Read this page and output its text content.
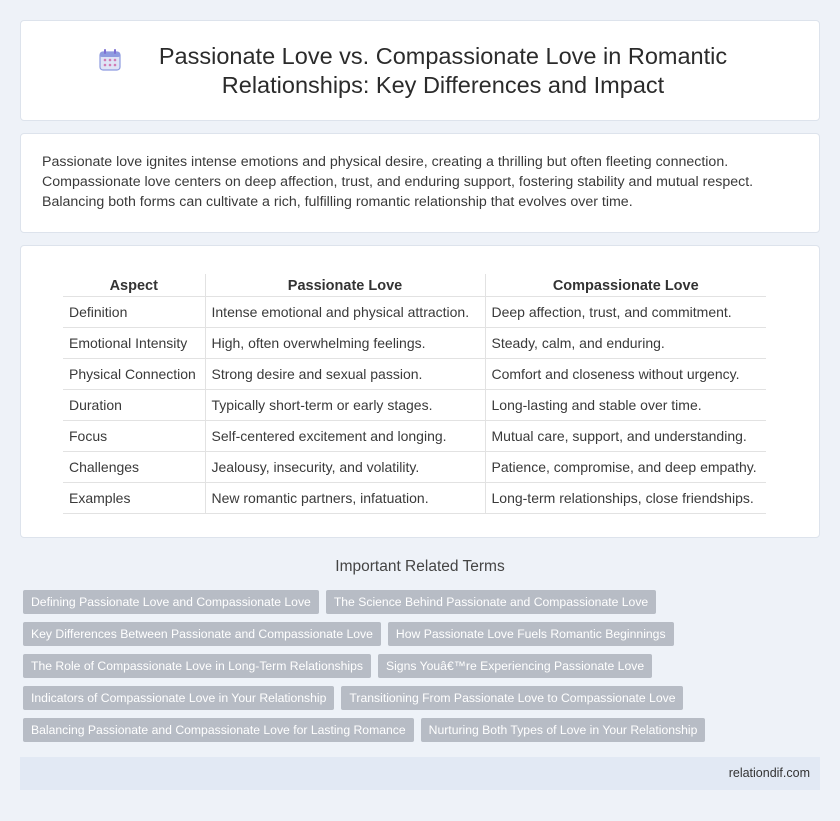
Passionate Love vs. Compassionate Love in Romantic Relationships: Key Differences and Impact

Passionate love ignites intense emotions and physical desire, creating a thrilling but often fleeting connection. Compassionate love centers on deep affection, trust, and enduring support, fostering stability and mutual respect. Balancing both forms can cultivate a rich, fulfilling romantic relationship that evolves over time.

Aspect	Passionate Love	Compassionate Love
Definition	Intense emotional and physical attraction.	Deep affection, trust, and commitment.
Emotional Intensity	High, often overwhelming feelings.	Steady, calm, and enduring.
Physical Connection	Strong desire and sexual passion.	Comfort and closeness without urgency.
Duration	Typically short-term or early stages.	Long-lasting and stable over time.
Focus	Self-centered excitement and longing.	Mutual care, support, and understanding.
Challenges	Jealousy, insecurity, and volatility.	Patience, compromise, and deep empathy.
Examples	New romantic partners, infatuation.	Long-term relationships, close friendships.
Important Related Terms
Defining Passionate Love and Compassionate Love	The Science Behind Passionate and Compassionate Love
Key Differences Between Passionate and Compassionate Love	How Passionate Love Fuels Romantic Beginnings
The Role of Compassionate Love in Long-Term Relationships	Signs Youâ€™re Experiencing Passionate Love
Indicators of Compassionate Love in Your Relationship	Transitioning From Passionate Love to Compassionate Love
Balancing Passionate and Compassionate Love for Lasting Romance	Nurturing Both Types of Love in Your Relationship
relationdif.com
